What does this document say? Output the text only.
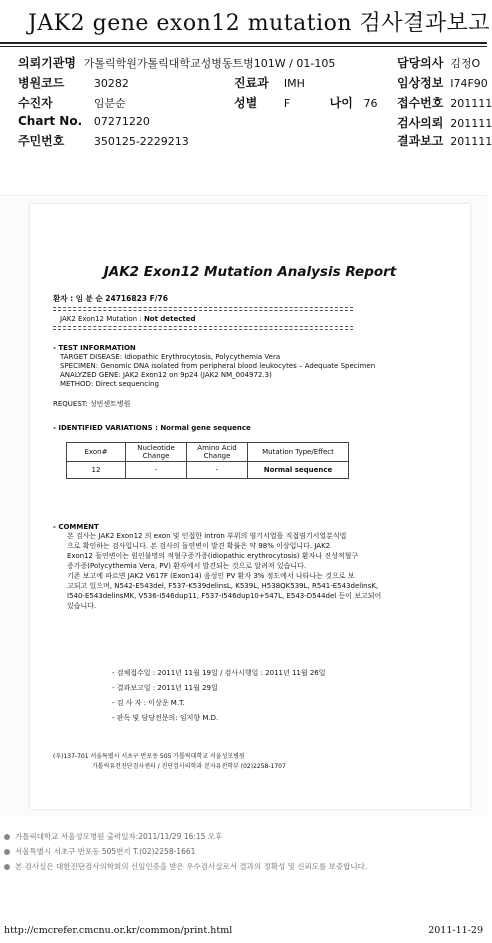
JAK2 gene exon12 mutation 검사결과보고
의뢰기관명 가톨릭학원가톨릭대학교성병동트병101W / 01-105	담당의사 김정O
병원코드	30282	진료과 IMH	임상정보 I74F90
수진자	임분순	성별 F	나이 76 접수번호 201111
Chart No. 07271220	검사의뢰 201111
주민번호	350125-2229213	결과보고 201111
JAK2 Exon12 Mutation Analysis Report
환자 : 임 분 순 24716823 F/76
JAK2 Exon12 Mutation : Not detected
- TEST INFORMATION
TARGET DISEASE: Idiopathic Erythrocytosis, Polycythemia Vera
SPECIMEN: Genomic DNA isolated from peripheral blood leukocytes – Adequate Specimen
ANALYZED GENE: JAK2 Exon12 on 9p24 (JAK2 NM_004972.3)
METHOD: Direct sequencing
REQUEST: 성빈센트병원
- IDENTIFIED VARIATIONS : Normal gene sequence
Exon#	Nucleotide Change	Amino Acid Change	Mutation Type/Effect
12	-	-	Normal sequence
- COMMENT
본 검사는 JAK2 Exon12 의 exon 및 인접한 intron 부위의 염기서열을 직접염기서열분석법
으로 확인하는 검사입니다. 본 검사의 돌연변이 발견 확률은 약 98% 이상입니다. JAK2
Exon12 돌연변이는 원인불명의 적혈구증가증(idiopathic erythrocytosis) 환자나 진성적혈구
증가증(Polycythemia Vera, PV) 환자에서 발견되는 것으로 알려져 있습니다.
기존 보고에 따르면 JAK2 V617F (Exon14) 음성인 PV 환자 3% 정도에서 나타나는 것으로 보
고되고 있으며, N542-E543del, F537-K539delinsL, K539L, H538QK539L, R541-E543delinsK,
I540-E543delinsMK, V536-I546dup11, F537-I546dup10+547L, E543-D544del 등이 보고되어
있습니다.
- 검체접수일 : 2011년 11월 19일 / 검사시행일 : 2011년 11월 26일
- 결과보고일 : 2011년 11월 29일
- 검 사 자 : 이상운 M.T.
- 판독 및 담당전문의: 임지향 M.D.
(우)137-701 서울특별시 서초구 반포동 505 가톨릭대학교 서울성모병원
가톨릭유전진단검사센터 / 진단검사의학과 분자유전학부 (02)2258-1707
가톨릭대학교 서울성모병원 출력일자:2011/11/29 16:15 오후
서울특별시 서초구 반포동 505번지 T.(02)2258-1661
본 검사실은 대한진단검사의학회의 신임인증을 받은 우수검사실로서 결과의 정확성 및 신뢰도를 보증합니다.
http://cmcrefer.cmcnu.or.kr/common/print.html	2011-11-29
